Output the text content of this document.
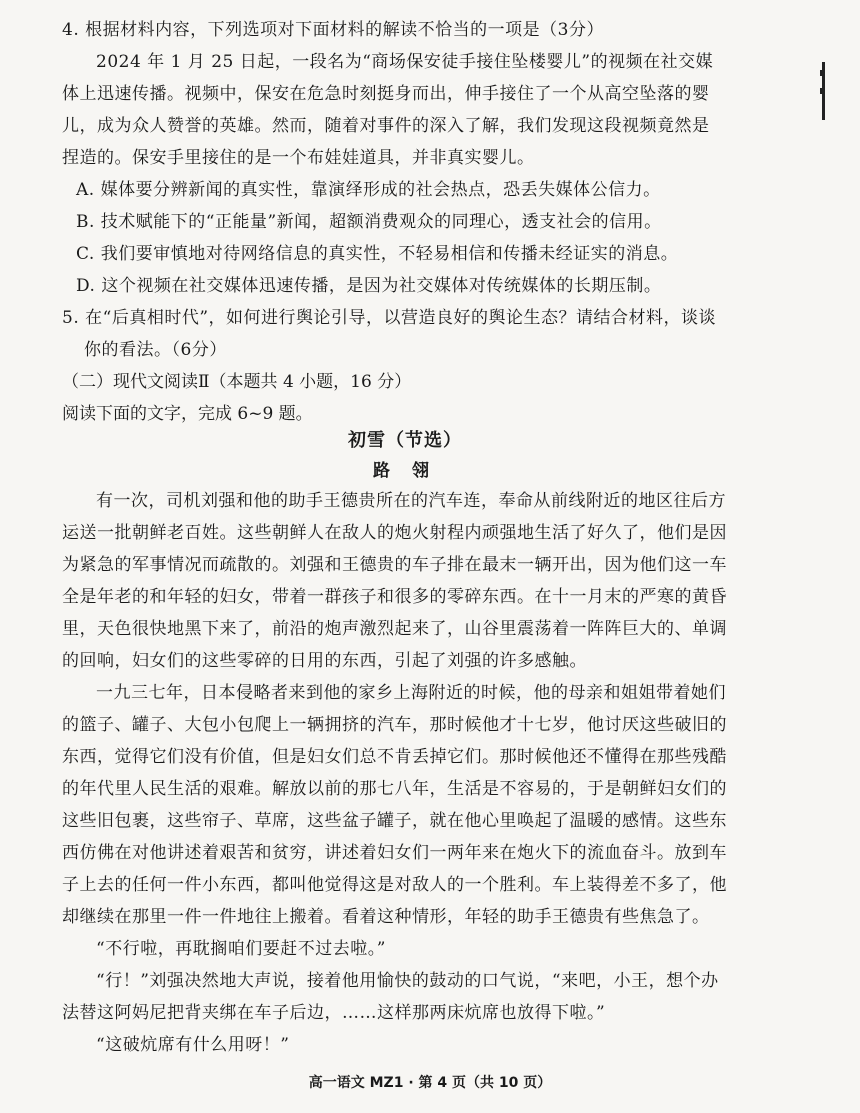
4. 根据材料内容，下列选项对下面材料的解读不恰当的一项是（3分）
2024 年 1 月 25 日起，一段名为“商场保安徒手接住坠楼婴儿”的视频在社交媒
体上迅速传播。视频中，保安在危急时刻挺身而出，伸手接住了一个从高空坠落的婴
儿，成为众人赞誉的英雄。然而，随着对事件的深入了解，我们发现这段视频竟然是
捏造的。保安手里接住的是一个布娃娃道具，并非真实婴儿。
A. 媒体要分辨新闻的真实性，靠演绎形成的社会热点，恐丢失媒体公信力。
B. 技术赋能下的“正能量”新闻，超额消费观众的同理心，透支社会的信用。
C. 我们要审慎地对待网络信息的真实性，不轻易相信和传播未经证实的消息。
D. 这个视频在社交媒体迅速传播，是因为社交媒体对传统媒体的长期压制。
5. 在“后真相时代”，如何进行舆论引导，以营造良好的舆论生态？请结合材料，谈谈
你的看法。（6分）
（二）现代文阅读Ⅱ（本题共 4 小题，16 分）
阅读下面的文字，完成 6~9 题。
初雪（节选）
路 翎
有一次，司机刘强和他的助手王德贵所在的汽车连，奉命从前线附近的地区往后方
运送一批朝鲜老百姓。这些朝鲜人在敌人的炮火射程内顽强地生活了好久了，他们是因
为紧急的军事情况而疏散的。刘强和王德贵的车子排在最末一辆开出，因为他们这一车
全是年老的和年轻的妇女，带着一群孩子和很多的零碎东西。在十一月末的严寒的黄昏
里，天色很快地黑下来了，前沿的炮声激烈起来了，山谷里震荡着一阵阵巨大的、单调
的回响，妇女们的这些零碎的日用的东西，引起了刘强的许多感触。
一九三七年，日本侵略者来到他的家乡上海附近的时候，他的母亲和姐姐带着她们
的篮子、罐子、大包小包爬上一辆拥挤的汽车，那时候他才十七岁，他讨厌这些破旧的
东西，觉得它们没有价值，但是妇女们总不肯丢掉它们。那时候他还不懂得在那些残酷
的年代里人民生活的艰难。解放以前的那七八年，生活是不容易的，于是朝鲜妇女们的
这些旧包裹，这些帘子、草席，这些盆子罐子，就在他心里唤起了温暖的感情。这些东
西仿佛在对他讲述着艰苦和贫穷，讲述着妇女们一两年来在炮火下的流血奋斗。放到车
子上去的任何一件小东西，都叫他觉得这是对敌人的一个胜利。车上装得差不多了，他
却继续在那里一件一件地往上搬着。看着这种情形，年轻的助手王德贵有些焦急了。
“不行啦，再耽搁咱们要赶不过去啦。”
“行！”刘强决然地大声说，接着他用愉快的鼓动的口气说，“来吧，小王，想个办
法替这阿妈尼把背夹绑在车子后边，……这样那两床炕席也放得下啦。”
“这破炕席有什么用呀！”
高一语文 MZ1 · 第 4 页（共 10 页）
